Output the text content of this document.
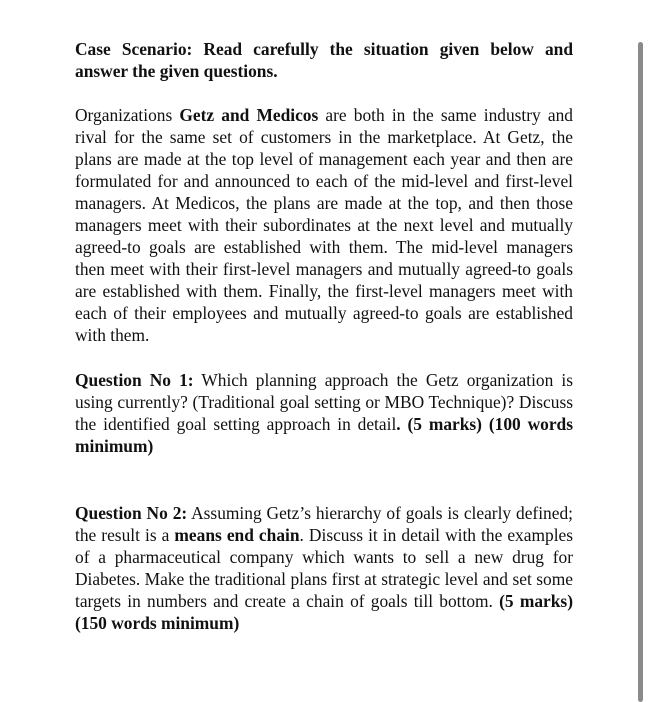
Case Scenario: Read carefully the situation given below and answer the given questions.

Organizations Getz and Medicos are both in the same industry and rival for the same set of customers in the marketplace. At Getz, the plans are made at the top level of management each year and then are formulated for and announced to each of the mid-level and first-level managers. At Medicos, the plans are made at the top, and then those managers meet with their subordinates at the next level and mutually agreed-to goals are established with them. The mid-level managers then meet with their first-level managers and mutually agreed-to goals are established with them. Finally, the first-level managers meet with each of their employees and mutually agreed-to goals are established with them.

Question No 1: Which planning approach the Getz organization is using currently? (Traditional goal setting or MBO Technique)? Discuss the identified goal setting approach in detail. (5 marks) (100 words minimum)

Question No 2: Assuming Getz’s hierarchy of goals is clearly defined; the result is a means end chain. Discuss it in detail with the examples of a pharmaceutical company which wants to sell a new drug for Diabetes. Make the traditional plans first at strategic level and set some targets in numbers and create a chain of goals till bottom. (5 marks) (150 words minimum)
